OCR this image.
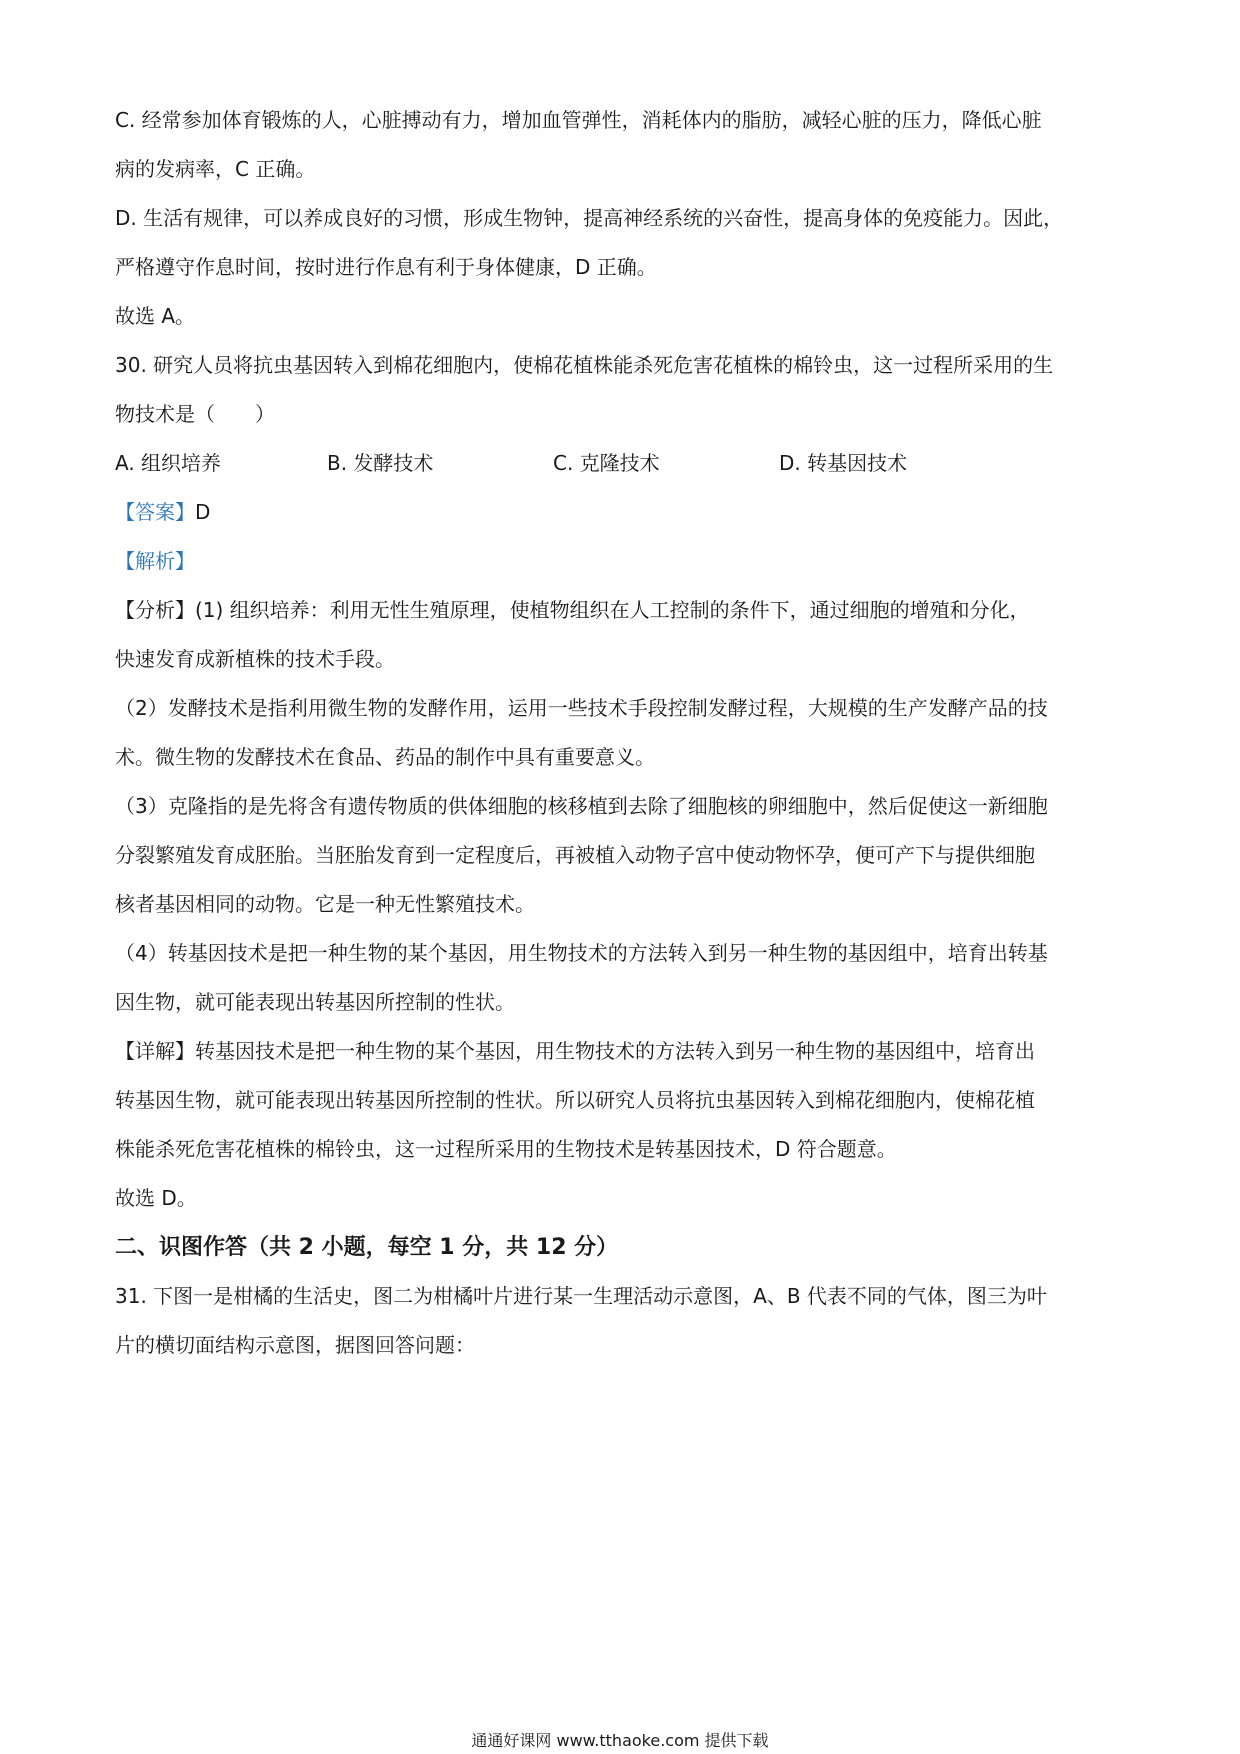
C. 经常参加体育锻炼的人，心脏搏动有力，增加血管弹性，消耗体内的脂肪，减轻心脏的压力，降低心脏
病的发病率，C 正确。
D. 生活有规律，可以养成良好的习惯，形成生物钟，提高神经系统的兴奋性，提高身体的免疫能力。因此，
严格遵守作息时间，按时进行作息有利于身体健康，D 正确。
故选 A。
30. 研究人员将抗虫基因转入到棉花细胞内，使棉花植株能杀死危害花植株的棉铃虫，这一过程所采用的生
物技术是（　　）
A. 组织培养	B. 发酵技术	C. 克隆技术	D. 转基因技术
【答案】D
【解析】
【分析】(1) 组织培养：利用无性生殖原理，使植物组织在人工控制的条件下，通过细胞的增殖和分化，
快速发育成新植株的技术手段。
（2）发酵技术是指利用微生物的发酵作用，运用一些技术手段控制发酵过程，大规模的生产发酵产品的技
术。微生物的发酵技术在食品、药品的制作中具有重要意义。
（3）克隆指的是先将含有遗传物质的供体细胞的核移植到去除了细胞核的卵细胞中，然后促使这一新细胞
分裂繁殖发育成胚胎。当胚胎发育到一定程度后，再被植入动物子宫中使动物怀孕，便可产下与提供细胞
核者基因相同的动物。它是一种无性繁殖技术。
（4）转基因技术是把一种生物的某个基因，用生物技术的方法转入到另一种生物的基因组中，培育出转基
因生物，就可能表现出转基因所控制的性状。
【详解】转基因技术是把一种生物的某个基因，用生物技术的方法转入到另一种生物的基因组中，培育出
转基因生物，就可能表现出转基因所控制的性状。所以研究人员将抗虫基因转入到棉花细胞内，使棉花植
株能杀死危害花植株的棉铃虫，这一过程所采用的生物技术是转基因技术，D 符合题意。
故选 D。
二、识图作答（共 2 小题，每空 1 分，共 12 分）
31. 下图一是柑橘的生活史，图二为柑橘叶片进行某一生理活动示意图，A、B 代表不同的气体，图三为叶
片的横切面结构示意图，据图回答问题：
通通好课网 www.tthaoke.com 提供下载
